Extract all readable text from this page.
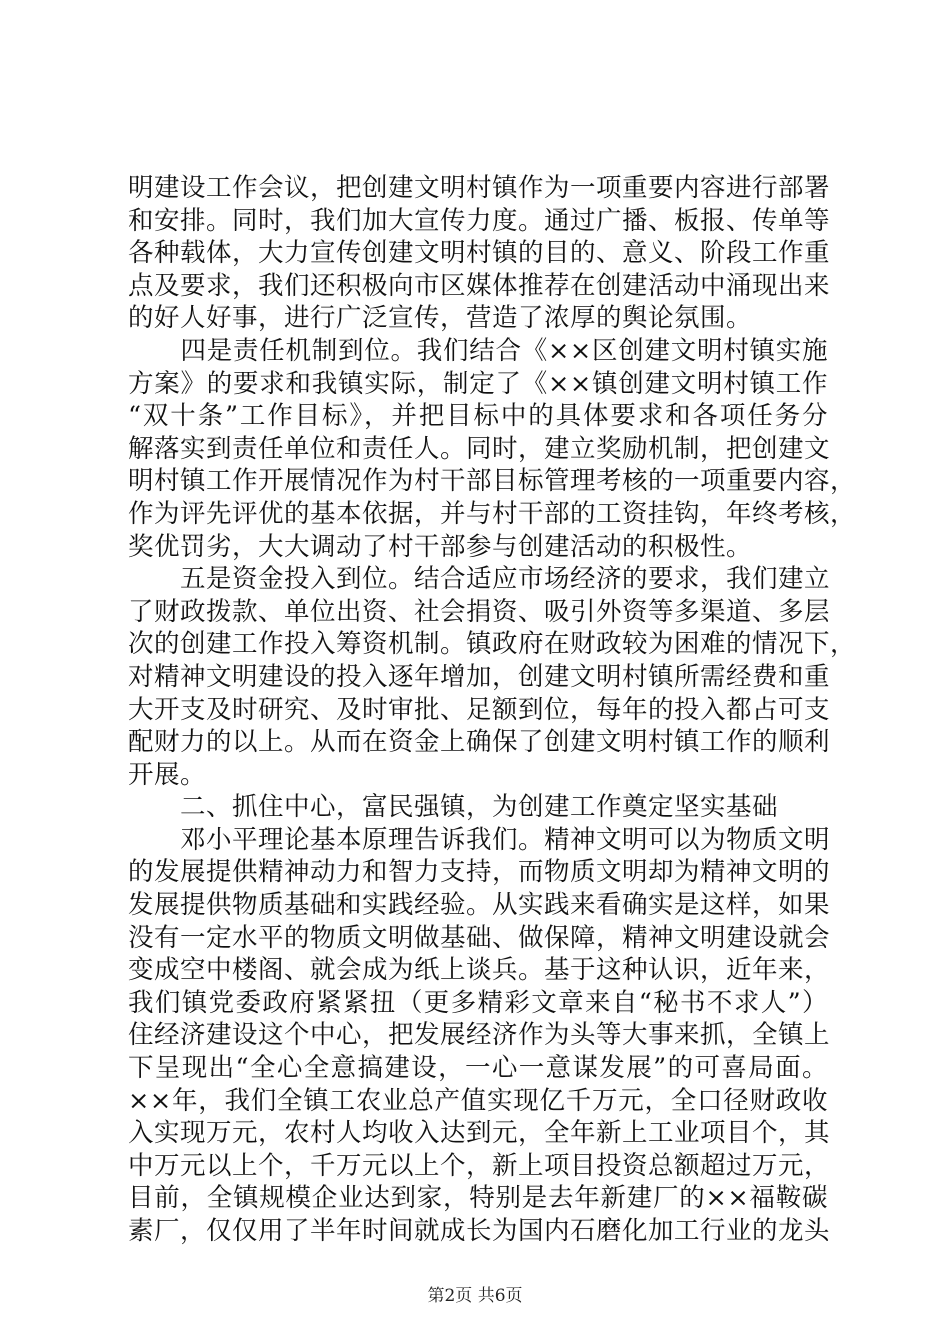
明建设工作会议，把创建文明村镇作为一项重要内容进行部署
和安排。同时，我们加大宣传力度。通过广播、板报、传单等
各种载体，大力宣传创建文明村镇的目的、意义、阶段工作重
点及要求，我们还积极向市区媒体推荐在创建活动中涌现出来
的好人好事，进行广泛宣传，营造了浓厚的舆论氛围。
　　四是责任机制到位。我们结合《××区创建文明村镇实施
方案》的要求和我镇实际，制定了《××镇创建文明村镇工作
“双十条”工作目标》，并把目标中的具体要求和各项任务分
解落实到责任单位和责任人。同时，建立奖励机制，把创建文
明村镇工作开展情况作为村干部目标管理考核的一项重要内容，
作为评先评优的基本依据，并与村干部的工资挂钩，年终考核，
奖优罚劣，大大调动了村干部参与创建活动的积极性。
　　五是资金投入到位。结合适应市场经济的要求，我们建立
了财政拨款、单位出资、社会捐资、吸引外资等多渠道、多层
次的创建工作投入筹资机制。镇政府在财政较为困难的情况下，
对精神文明建设的投入逐年增加，创建文明村镇所需经费和重
大开支及时研究、及时审批、足额到位，每年的投入都占可支
配财力的以上。从而在资金上确保了创建文明村镇工作的顺利
开展。
　　二、抓住中心，富民强镇，为创建工作奠定坚实基础
　　邓小平理论基本原理告诉我们。精神文明可以为物质文明
的发展提供精神动力和智力支持，而物质文明却为精神文明的
发展提供物质基础和实践经验。从实践来看确实是这样，如果
没有一定水平的物质文明做基础、做保障，精神文明建设就会
变成空中楼阁、就会成为纸上谈兵。基于这种认识，近年来，
我们镇党委政府紧紧扭（更多精彩文章来自“秘书不求人”）
住经济建设这个中心，把发展经济作为头等大事来抓，全镇上
下呈现出“全心全意搞建设，一心一意谋发展”的可喜局面。
××年，我们全镇工农业总产值实现亿千万元，全口径财政收
入实现万元，农村人均收入达到元，全年新上工业项目个，其
中万元以上个，千万元以上个，新上项目投资总额超过万元，
目前，全镇规模企业达到家，特别是去年新建厂的××福鞍碳
素厂，仅仅用了半年时间就成长为国内石磨化加工行业的龙头
第2页 共6页
